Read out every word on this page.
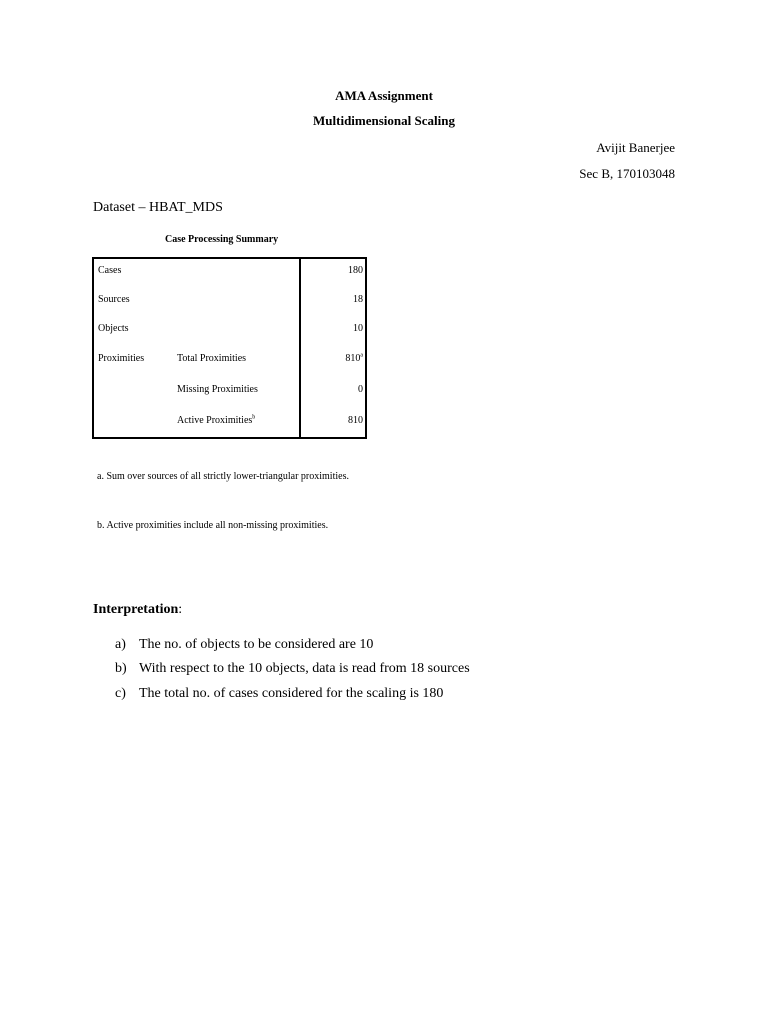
AMA Assignment
Multidimensional Scaling
Avijit Banerjee
Sec B, 170103048
Dataset – HBAT_MDS
Case Processing Summary
Cases	180
Sources	18
Objects	10
Proximities	Total Proximities	810$^a$
Missing Proximities	0
Active Proximities$^b$	810
a. Sum over sources of all strictly lower-triangular proximities.
b. Active proximities include all non-missing proximities.
Interpretation:
a) The no. of objects to be considered are 10
b) With respect to the 10 objects, data is read from 18 sources
c) The total no. of cases considered for the scaling is 180
